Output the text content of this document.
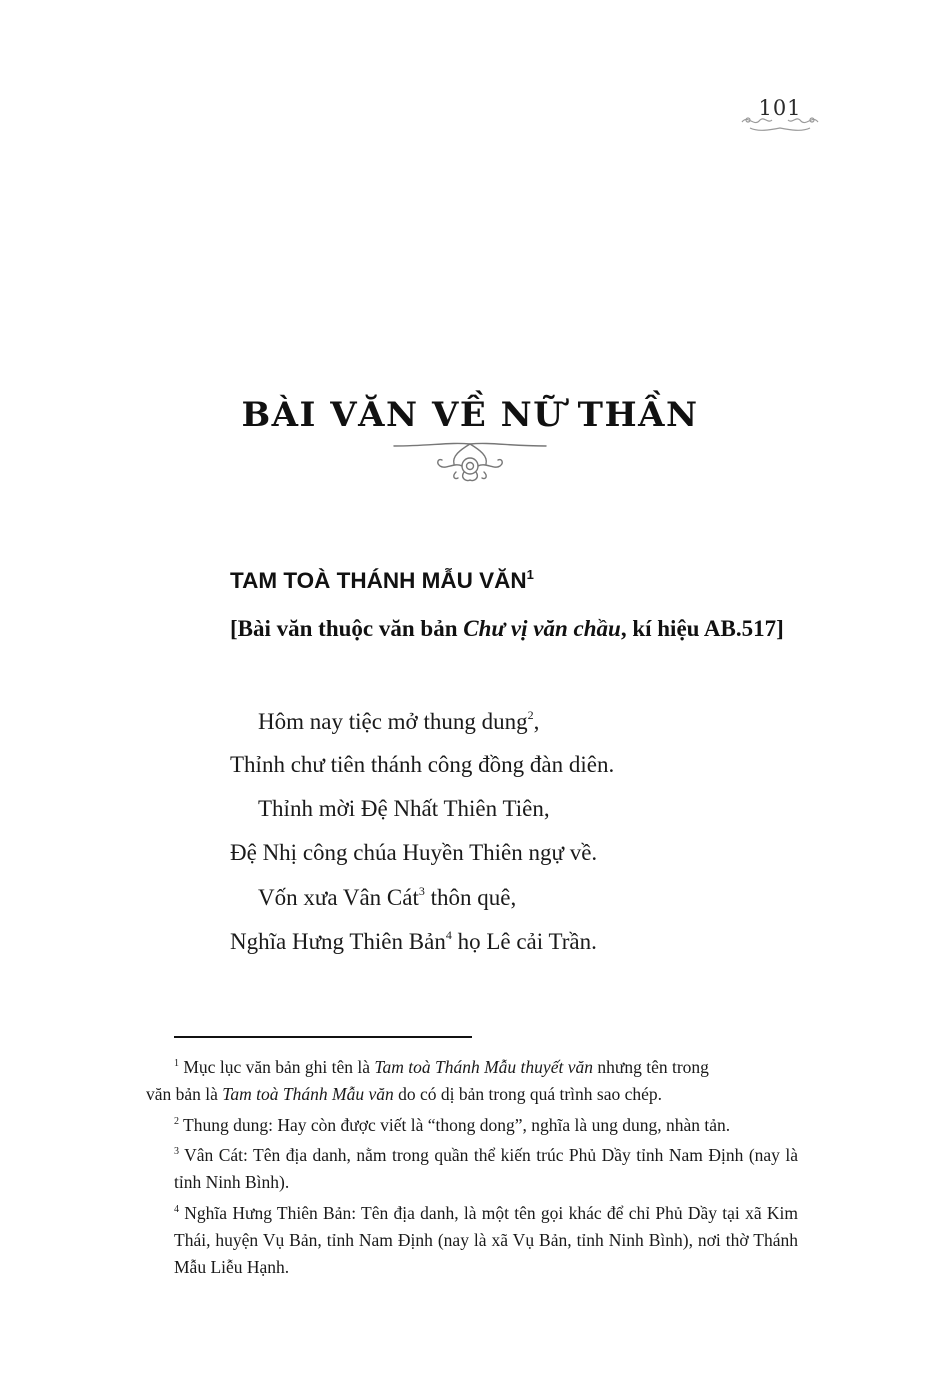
101
BÀI VĂN VỀ NỮ THẦN
TAM TOÀ THÁNH MẪU VĂN$^1$
[Bài văn thuộc văn bản Chư vị văn chầu, kí hiệu AB.517]
Hôm nay tiệc mở thung dung$^2$,
Thỉnh chư tiên thánh công đồng đàn diên.
Thỉnh mời Đệ Nhất Thiên Tiên,
Đệ Nhị công chúa Huyền Thiên ngự về.
Vốn xưa Vân Cát$^3$ thôn quê,
Nghĩa Hưng Thiên Bản$^4$ họ Lê cải Trần.
$^1$ Mục lục văn bản ghi tên là Tam toà Thánh Mẫu thuyết văn nhưng tên trong
văn bản là Tam toà Thánh Mẫu văn do có dị bản trong quá trình sao chép.
$^2$ Thung dung: Hay còn được viết là “thong dong”, nghĩa là ung dung, nhàn tản.
$^3$ Vân Cát: Tên địa danh, nằm trong quần thể kiến trúc Phủ Dầy tỉnh Nam Định (nay là tỉnh Ninh Bình).
$^4$ Nghĩa Hưng Thiên Bản: Tên địa danh, là một tên gọi khác để chỉ Phủ Dầy tại xã Kim Thái, huyện Vụ Bản, tỉnh Nam Định (nay là xã Vụ Bản, tỉnh Ninh Bình), nơi thờ Thánh Mẫu Liễu Hạnh.
